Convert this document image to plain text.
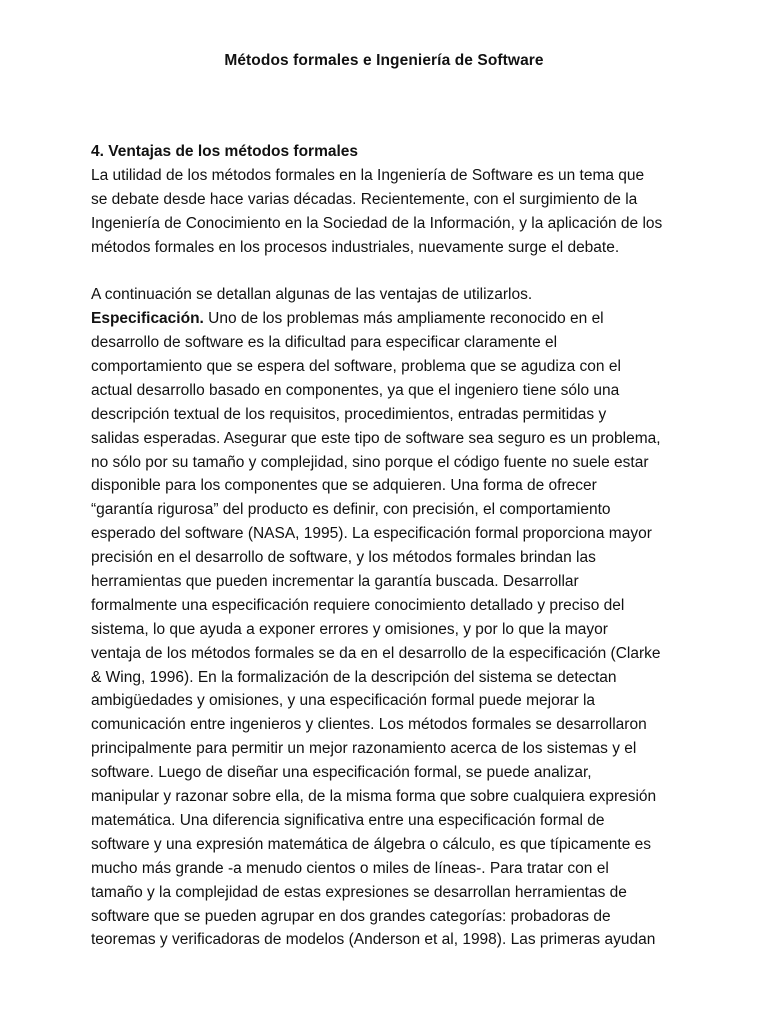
Métodos formales e Ingeniería de Software
4. Ventajas de los métodos formales
La utilidad de los métodos formales en la Ingeniería de Software es un tema que
se debate desde hace varias décadas. Recientemente, con el surgimiento de la
Ingeniería de Conocimiento en la Sociedad de la Información, y la aplicación de los
métodos formales en los procesos industriales, nuevamente surge el debate.
A continuación se detallan algunas de las ventajas de utilizarlos.
Especificación. Uno de los problemas más ampliamente reconocido en el
desarrollo de software es la dificultad para especificar claramente el
comportamiento que se espera del software, problema que se agudiza con el
actual desarrollo basado en componentes, ya que el ingeniero tiene sólo una
descripción textual de los requisitos, procedimientos, entradas permitidas y
salidas esperadas. Asegurar que este tipo de software sea seguro es un problema,
no sólo por su tamaño y complejidad, sino porque el código fuente no suele estar
disponible para los componentes que se adquieren. Una forma de ofrecer
“garantía rigurosa” del producto es definir, con precisión, el comportamiento
esperado del software (NASA, 1995). La especificación formal proporciona mayor
precisión en el desarrollo de software, y los métodos formales brindan las
herramientas que pueden incrementar la garantía buscada. Desarrollar
formalmente una especificación requiere conocimiento detallado y preciso del
sistema, lo que ayuda a exponer errores y omisiones, y por lo que la mayor
ventaja de los métodos formales se da en el desarrollo de la especificación (Clarke
& Wing, 1996). En la formalización de la descripción del sistema se detectan
ambigüedades y omisiones, y una especificación formal puede mejorar la
comunicación entre ingenieros y clientes. Los métodos formales se desarrollaron
principalmente para permitir un mejor razonamiento acerca de los sistemas y el
software. Luego de diseñar una especificación formal, se puede analizar,
manipular y razonar sobre ella, de la misma forma que sobre cualquiera expresión
matemática. Una diferencia significativa entre una especificación formal de
software y una expresión matemática de álgebra o cálculo, es que típicamente es
mucho más grande -a menudo cientos o miles de líneas-. Para tratar con el
tamaño y la complejidad de estas expresiones se desarrollan herramientas de
software que se pueden agrupar en dos grandes categorías: probadoras de
teoremas y verificadoras de modelos (Anderson et al, 1998). Las primeras ayudan
